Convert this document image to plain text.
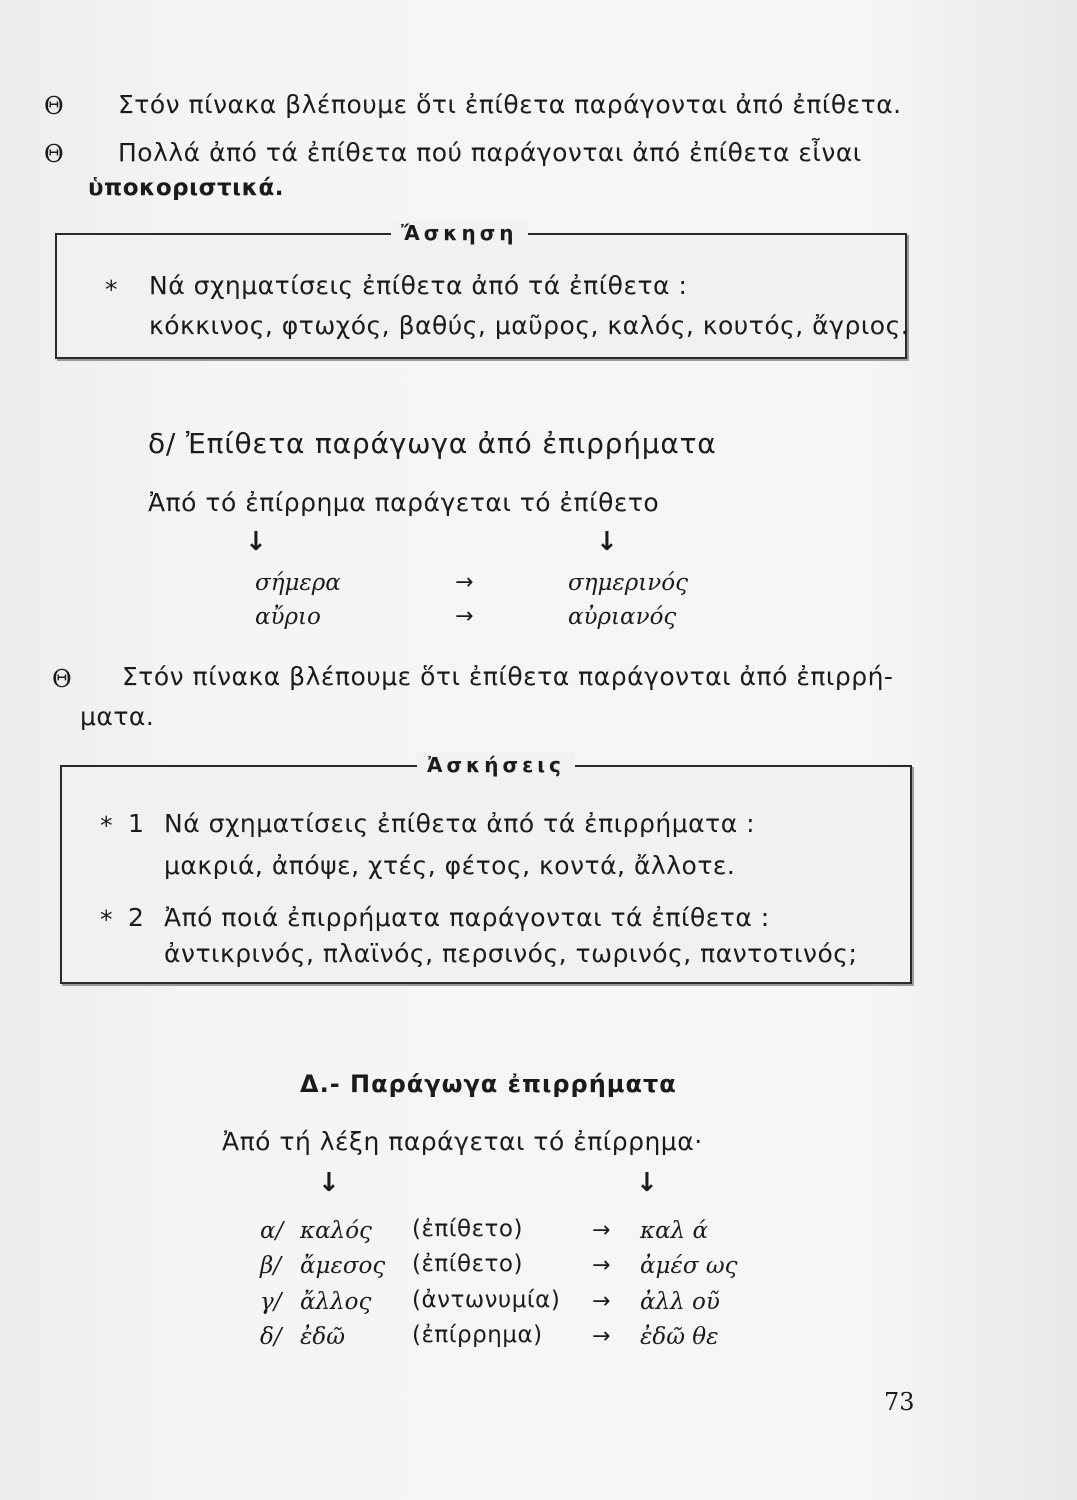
Θ Στόν πίνακα βλέπουμε ὅτι ἐπίθετα παράγονται ἀπό ἐπίθετα.
Θ Πολλά ἀπό τά ἐπίθετα πού παράγονται ἀπό ἐπίθετα εἶναι
ὑποκοριστικά.
Ἄσκηση
* Νά σχηματίσεις ἐπίθετα ἀπό τά ἐπίθετα :
κόκκινος, φτωχός, βαθύς, μαῦρος, καλός, κουτός, ἄγριος.
δ/ Ἐπίθετα παράγωγα ἀπό ἐπιρρήματα
Ἀπό τό ἐπίρρημα παράγεται τό ἐπίθετο
↓	↓
σήμερα	→	σημερινός
αὔριο	→	αὐριανός
Θ Στόν πίνακα βλέπουμε ὅτι ἐπίθετα παράγονται ἀπό ἐπιρρή-
ματα.
Ἀσκήσεις
* 1 Νά σχηματίσεις ἐπίθετα ἀπό τά ἐπιρρήματα :
μακριά, ἀπόψε, χτές, φέτος, κοντά, ἄλλοτε.
* 2 Ἀπό ποιά ἐπιρρήματα παράγονται τά ἐπίθετα :
ἀντικρινός, πλαϊνός, περσινός, τωρινός, παντοτινός;
Δ.- Παράγωγα ἐπιρρήματα
Ἀπό τή λέξη παράγεται τό ἐπίρρημα·
↓	↓
α/ καλός (ἐπίθετο)	→ καλ ά
β/ ἄμεσος (ἐπίθετο)	→ ἀμέσ ως
γ/ ἄλλος (ἀντωνυμία) → ἀλλ οῦ
δ/ ἐδῶ	(ἐπίρρημα) → ἐδῶ θε
73
